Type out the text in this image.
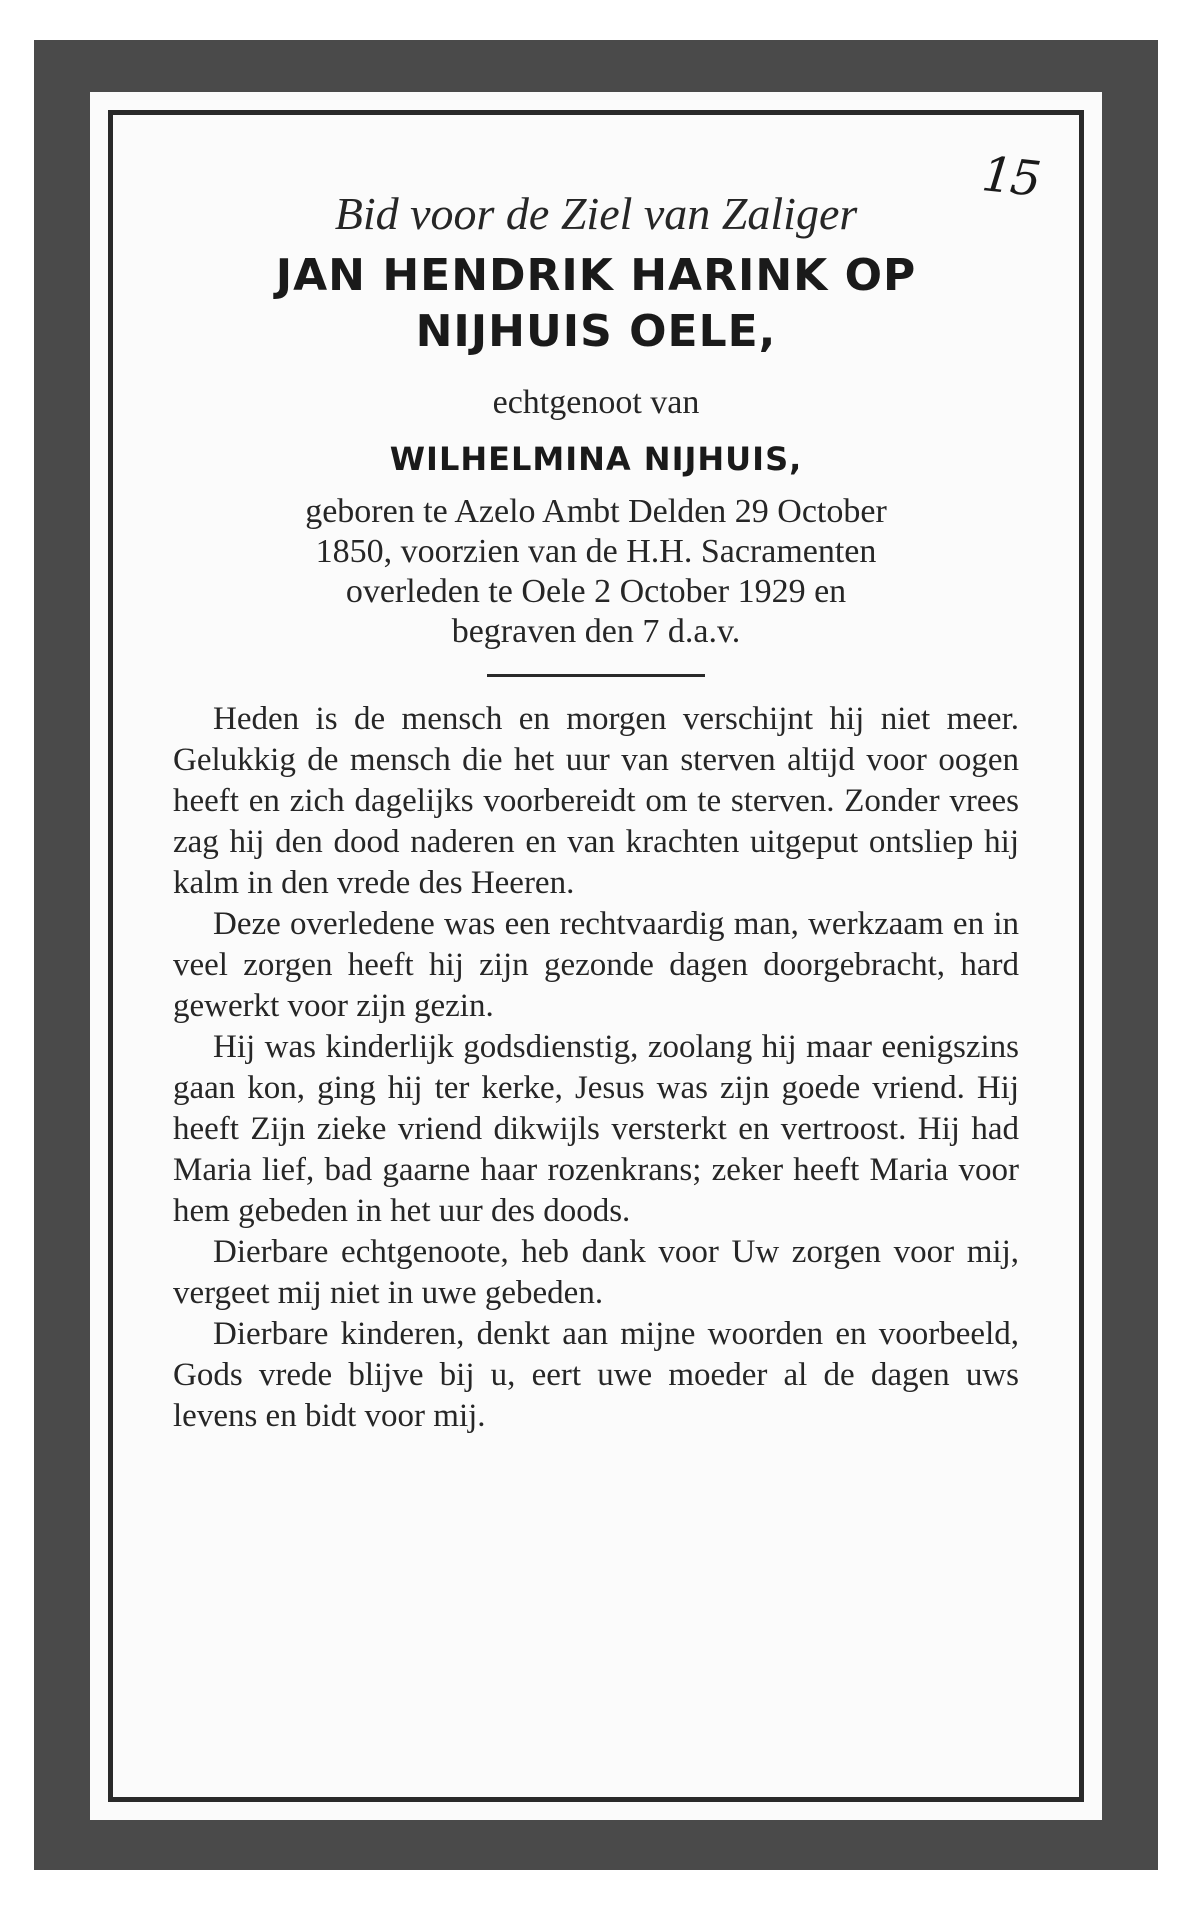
15
Bid voor de Ziel van Zaliger
JAN HENDRIK HARINK OP
NIJHUIS OELE,
echtgenoot van
WILHELMINA NIJHUIS,
geboren te Azelo Ambt Delden 29 October
1850, voorzien van de H.H. Sacramenten
overleden te Oele 2 October 1929 en
begraven den 7 d.a.v.

Heden is de mensch en morgen verschijnt hij niet meer. Gelukkig de mensch die het uur van sterven altijd voor oogen heeft en zich dagelijks voorbereidt om te sterven. Zonder vrees zag hij den dood naderen en van krachten uitgeput ontsliep hij kalm in den vrede des Heeren.

Deze overledene was een rechtvaardig man, werkzaam en in veel zorgen heeft hij zijn gezonde dagen doorgebracht, hard gewerkt voor zijn gezin.

Hij was kinderlijk godsdienstig, zoolang hij maar eenigszins gaan kon, ging hij ter kerke, Jesus was zijn goede vriend. Hij heeft Zijn zieke vriend dikwijls versterkt en vertroost. Hij had Maria lief, bad gaarne haar rozenkrans; zeker heeft Maria voor hem gebeden in het uur des doods.

Dierbare echtgenoote, heb dank voor Uw zorgen voor mij, vergeet mij niet in uwe gebeden.

Dierbare kinderen, denkt aan mijne woorden en voorbeeld, Gods vrede blijve bij u, eert uwe moeder al de dagen uws levens en bidt voor mij.
